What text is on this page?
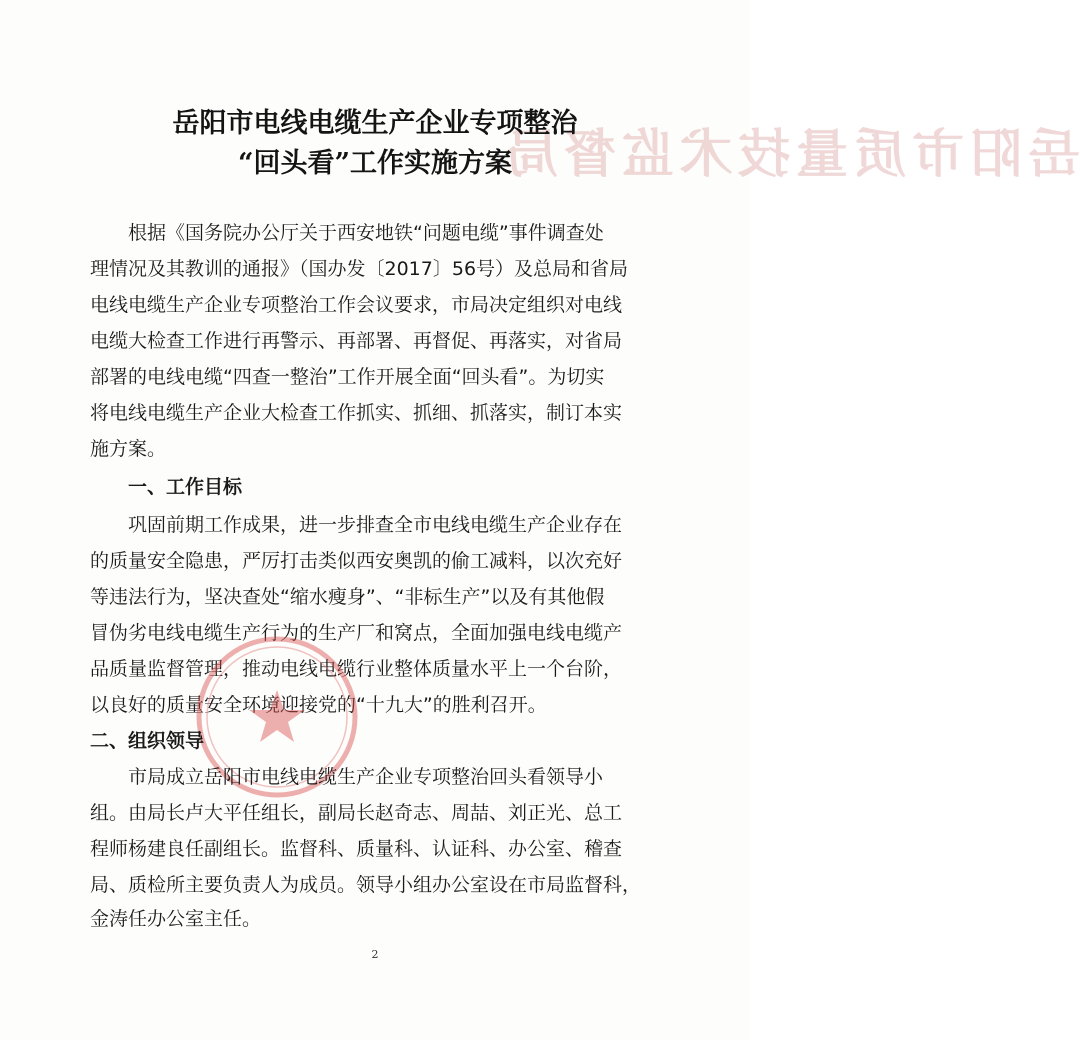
岳阳市质量技术监督局
岳阳市电线电缆生产企业专项整治
“回头看”工作实施方案

根据《国务院办公厅关于西安地铁“问题电缆”事件调查处

理情况及其教训的通报》（国办发〔2017〕56号）及总局和省局

电线电缆生产企业专项整治工作会议要求，市局决定组织对电线

电缆大检查工作进行再警示、再部署、再督促、再落实，对省局

部署的电线电缆“四查一整治”工作开展全面“回头看”。为切实

将电线电缆生产企业大检查工作抓实、抓细、抓落实，制订本实

施方案。

一、工作目标

巩固前期工作成果，进一步排查全市电线电缆生产企业存在

的质量安全隐患，严厉打击类似西安奥凯的偷工减料，以次充好

等违法行为，坚决查处“缩水瘦身”、“非标生产”以及有其他假

冒伪劣电线电缆生产行为的生产厂和窝点，全面加强电线电缆产

品质量监督管理，推动电线电缆行业整体质量水平上一个台阶，

以良好的质量安全环境迎接党的“十九大”的胜利召开。

二、组织领导

市局成立岳阳市电线电缆生产企业专项整治回头看领导小

组。由局长卢大平任组长，副局长赵奇志、周喆、刘正光、总工

程师杨建良任副组长。监督科、质量科、认证科、办公室、稽查

局、质检所主要负责人为成员。领导小组办公室设在市局监督科，

金涛任办公室主任。

2
